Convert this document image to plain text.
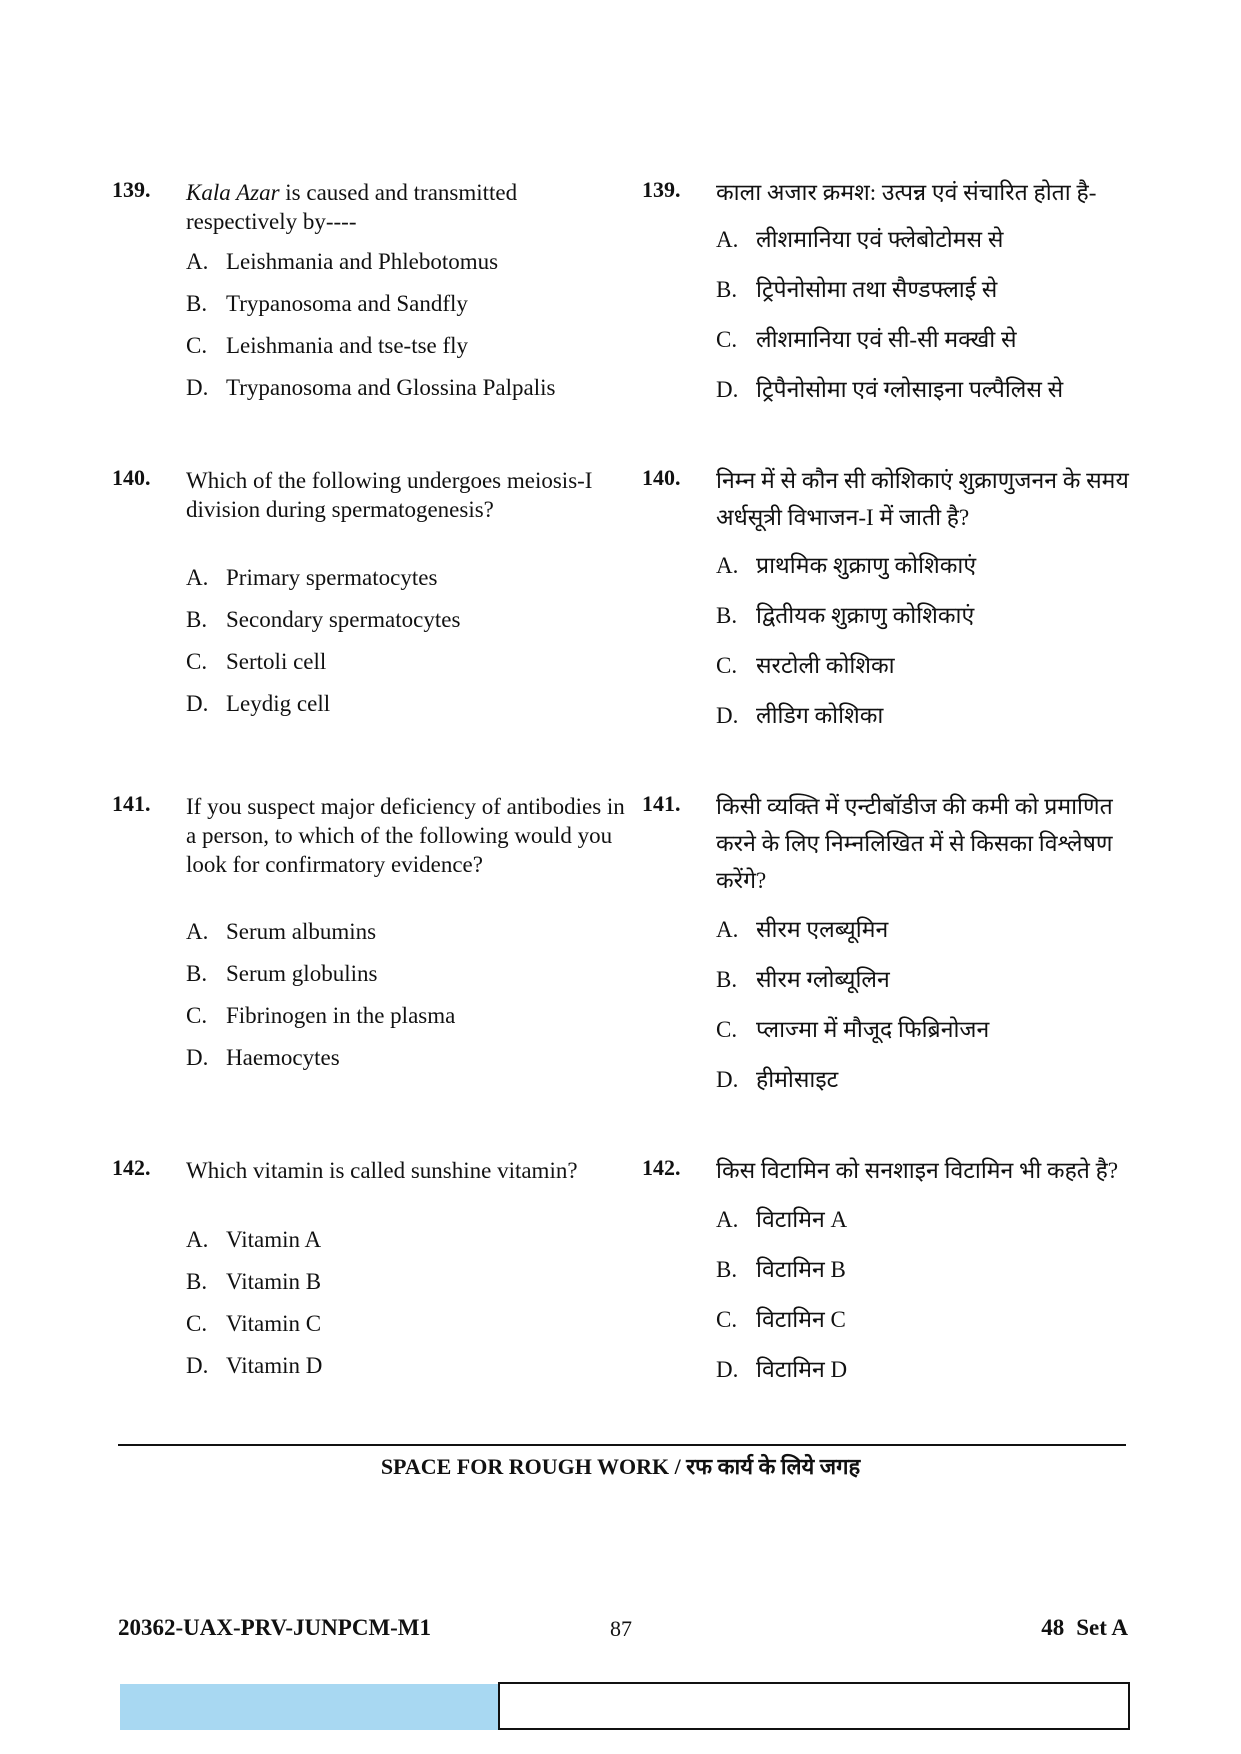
139. Kala Azar is caused and transmitted respectively by----
A. Leishmania and Phlebotomus
B. Trypanosoma and Sandfly
C. Leishmania and tse-tse fly
D. Trypanosoma and Glossina Palpalis
140. Which of the following undergoes meiosis-I division during spermatogenesis?
A. Primary spermatocytes
B. Secondary spermatocytes
C. Sertoli cell
D. Leydig cell
141. If you suspect major deficiency of antibodies in a person, to which of the following would you look for confirmatory evidence?
A. Serum albumins
B. Serum globulins
C. Fibrinogen in the plasma
D. Haemocytes
142. Which vitamin is called sunshine vitamin?
A. Vitamin A
B. Vitamin B
C. Vitamin C
D. Vitamin D
139. काला अजार क्रमश: उत्पन्न एवं संचारित होता है-
A. लीशमानिया एवं फ्लेबोटोमस से
B. ट्रिपेनोसोमा तथा सैण्डफ्लाई से
C. लीशमानिया एवं सी-सी मक्खी से
D. ट्रिपैनोसोमा एवं ग्लोसाइना पल्पैलिस से
140. निम्न में से कौन सी कोशिकाएं शुक्राणुजनन के समय अर्धसूत्री विभाजन-I में जाती है?
A. प्राथमिक शुक्राणु कोशिकाएं
B. द्वितीयक शुक्राणु कोशिकाएं
C. सरटोली कोशिका
D. लीडिग कोशिका
141. किसी व्यक्ति में एन्टीबॉडीज की कमी को प्रमाणित करने के लिए निम्नलिखित में से किसका विश्लेषण करेंगे?
A. सीरम एलब्यूमिन
B. सीरम ग्लोब्यूलिन
C. प्लाज्मा में मौजूद फिब्रिनोजन
D. हीमोसाइट
142. किस विटामिन को सनशाइन विटामिन भी कहते है?
A. विटामिन A
B. विटामिन B
C. विटामिन C
D. विटामिन D
SPACE FOR ROUGH WORK / रफ कार्य के लिये जगह
20362-UAX-PRV-JUNPCM-M1	87	48 Set A
